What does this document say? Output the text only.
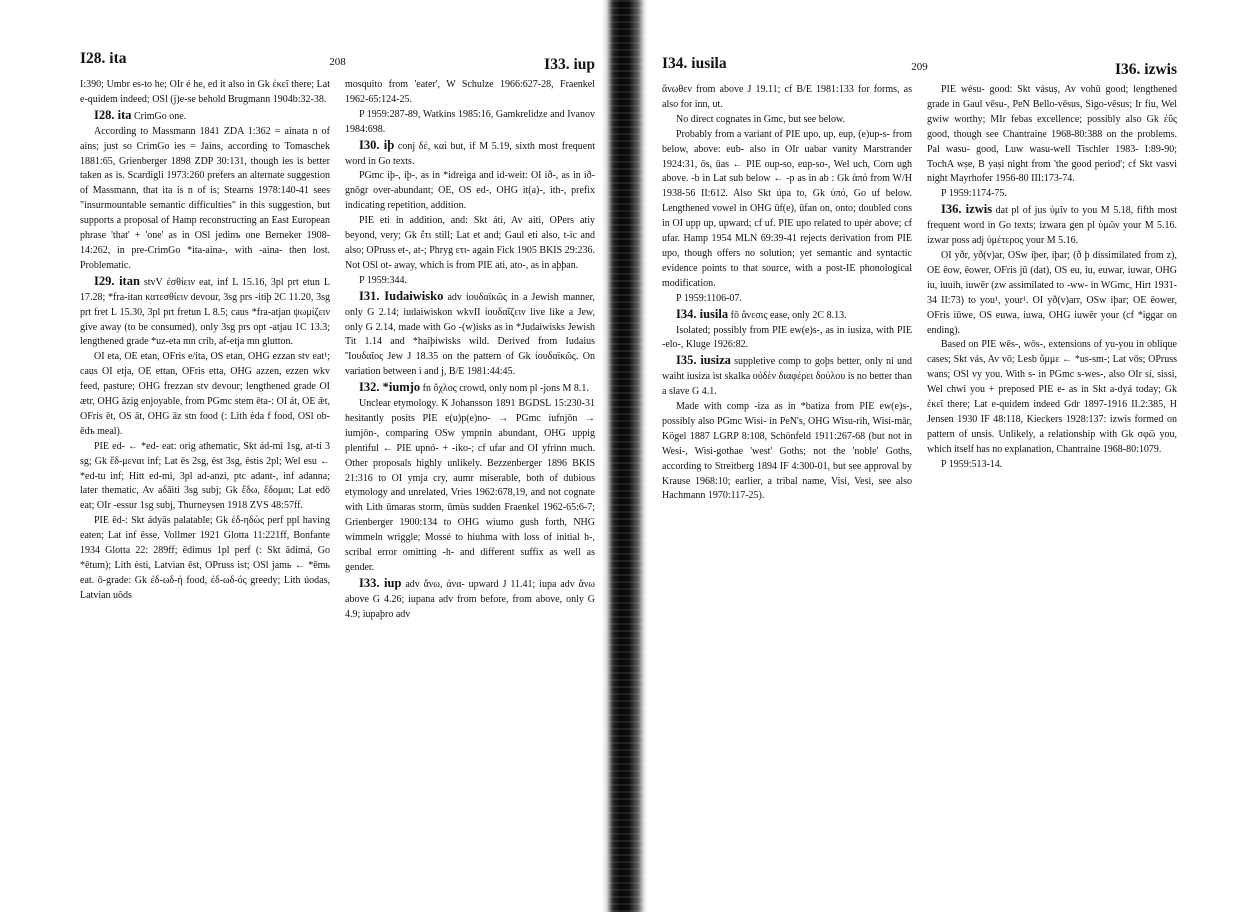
I28. ita	208	I33. iup

I:390; Umbr es-to he; OIr é he, ed it also in Gk ἐκεῖ there; Lat e-quidem indeed; OSl (j)e-se behold Brugmann 1904b:32-38.

I28. ita CrimGo one.

According to Massmann 1841 ZDA 1:362 = ainata n of ains; just so CrimGo ies = Jains, according to Tomaschek 1881:65, Grienberger 1898 ZDP 30:131, though ies is better taken as is. Scardigli 1973:260 prefers an alternate suggestion of Massmann, that ita is n of is; Stearns 1978:140-41 sees "insurmountable semantic difficulties" in this suggestion, but supports a proposal of Hamp reconstructing an East European phrase 'that' + 'one' as in OSl jedinъ one Berneker 1908-14:262, in pre-CrimGo *ita-aina-, with -aina- then lost. Problematic.

I29. itan stvV ἐσθίειν eat, inf L 15.16, 3pl prt etun L 17.28; *fra-itan κατεσθίειν devour, 3sg prs -itiþ 2C 11.20, 3sg prt fret L 15.30, 3pl prt fretun L 8.5; caus *fra-atjan ψωμίζειν give away (to be consumed), only 3sg prs opt -atjau 1C 13.3; lengthened grade *uz-eta mn crib, af-etja mn glutton.

OI eta, OE etan, OFris e/ita, OS etan, OHG ezzan stv eat¹; caus OI etja, OE ettan, OFris etta, OHG azzen, ezzen wkv feed, pasture; OHG frezzan stv devour; lengthened grade OI ætr, OHG āzig enjoyable, from PGmc stem ēta-: OI át, OE ǣt, OFris ēt, OS āt, OHG āz stn food (: Lith ėda f food, OSl ob-ědъ meal).

PIE ed- ← *ed- eat: orig athematic, Skt ád-mi 1sg, at-ti 3 sg; Gk ἔδ-μεναι inf; Lat ēs 2sg, ēst 3sg, ēstis 2pl; Wel esu ← *ed-tu inf; Hitt ed-mi, 3pl ad-anzi, ptc adant-, inf adanna; later thematic, Av aδāiti 3sg subj; Gk ἔδω, ἔδομαι; Lat edō eat; OIr -essur 1sg subj, Thurneysen 1918 ZVS 48:57ff.

PIE ēd-: Skt ádyās palatable; Gk ἐδ-ηδώς perf ppl having eaten; Lat inf ēsse, Vollmer 1921 Glotta 11:221ff, Bonfante 1934 Glotta 22: 289ff; ēdimus 1pl perf (: Skt ādimá, Go *ētum); Lith ėsti, Latvian ēst, OPruss ist; OSl jamь ← *ēmь eat. ō-grade: Gk ἐδ-ωδ-ή food, ἐδ-ωδ-ός greedy; Lith úodas, Latvian uôds

mosquito from 'eater', W Schulze 1966:627-28, Fraenkel 1962-65:124-25.

P 1959:287-89, Watkins 1985:16, Gamkrelidze and Ivanov 1984:698.

I30. iþ conj δέ, καί but, if M 5.19, sixth most frequent word in Go texts.

PGmc iþ-, iþ-, as in *idreiga and id-weit: OI ið-, as in ið-gnōgr over-abundant; OE, OS ed-, OHG it(a)-, ith-, prefix indicating repetition, addition.

PIE eti in addition, and: Skt áti, Av aiti, OPers atiy beyond, very; Gk ἔτι still; Lat et and; Gaul eti also, t-ic and also; OPruss et-, at-; Phryg ετι- again Fick 1905 BKIS 29:236. Not OSl ot- away, which is from PIE ati, ato-, as in aþþan.

P 1959:344.

I31. Iudaiwisko adv ἰουδαϊκῶς in a Jewish manner, only G 2.14; iudaiwiskon wkvII ἰουδαΐζειν live like a Jew, only G 2.14, made with Go -(w)isks as in *Judaiwisks Jewish Tit 1.14 and *haiþiwisks wild. Derived from Iudaius 'Ἰουδαῖος Jew J 18.35 on the pattern of Gk ἰουδαϊκῶς. On variation between i and j, B/E 1981:44:45.

I32. *iumjo fn ὄχλος crowd, only nom pl -jons M 8.1.

Unclear etymology. K Johansson 1891 BGDSL 15:230-31 hesitantly posits PIE e(u)p(e)no- → PGmc iufnjōn → iumjōn-, comparing OSw ympnin abundant, OHG uppig plentiful ← PIE upnó- + -iko-; cf ufar and OI yfrinn much. Other proposals highly unlikely. Bezzenberger 1896 BKIS 21:316 to OI ymja cry, aumr miserable, both of dubious etymology and unrelated, Vries 1962:678,19, and not cognate with Lith ūmaras storm, ūmùs sudden Fraenkel 1962-65:6-7; Grienberger 1900:134 to OHG wiumo gush forth, NHG wimmeln wriggle; Mossé to hiuhma with loss of initial h-, scribal error omitting -h- and different suffix as well as gender.

I33. iup adv ἄνω, ἀνα- upward J 11.41; iupa adv ἄνω above G 4.26; iupana adv from before, from above, only G 4.9; iupaþro adv

I34. iusila	209	I36. izwis

ἄνωθεν from above J 19.11; cf B/E 1981:133 for forms, as also for inn, ut.

No direct cognates in Gmc, but see below.

Probably from a variant of PIE upo, up, eup, (e)up-s- from below, above: eub- also in OIr uabar vanity Marstrander 1924:31, ōs, ūas ← PIE oup-so, eup-so-, Wel uch, Corn ugh above. -b in Lat sub below ← -p as in ab : Gk ἀπό from W/H 1938-56 II:612. Also Skt úpa to, Gk ὑπό, Go uf below. Lengthened vowel in OHG ūf(e), ūfan on, onto; doubled cons in OI upp up, upward; cf uf. PIE upo related to upér above; cf ufar. Hamp 1954 MLN 69:39-41 rejects derivation from PIE upo, though offers no solution; yet semantic and syntactic evidence points to that source, with a post-IE phonological modification.

P 1959:1106-07.

I34. iusila fō ἄνεσις ease, only 2C 8.13.

Isolated; possibly from PIE ew(e)s-, as in iusiza, with PIE -elo-, Kluge 1926:82.

I35. iusiza suppletive comp to goþs better, only ni und waiht iusiza ist skalka οὐδὲν διαφέρει δούλου is no better than a slave G 4.1.

Made with comp -iza as in *batiza from PIE ew(e)s-, possibly also PGmc Wisi- in PeN's, OHG Wisu-rih, Wisi-mār, Kögel 1887 LGRP 8:108, Schönfeld 1911:267-68 (but not in Wesi-, Wisi-gothae 'west' Goths; not the 'noble' Goths, according to Streitberg 1894 IF 4:300-01, but see approval by Krause 1968:10; earlier, a tribal name, Visi, Vesi, see also Hachmann 1970:117-25).

PIE wésu- good: Skt vásuṣ, Av vohū good; lengthened grade in Gaul vēsu-, PeN Bello-vēsus, Sigo-vēsus; Ir fiu, Wel gwiw worthy; MIr febas excellence; possibly also Gk ἐΰς good, though see Chantraine 1968-80:388 on the problems. Pal wasu- good, Luw wasu-well Tischler 1983- I:89-90; TochA wṣe, B yaṣi night from 'the good period'; cf Skt vasvi night Mayrhofer 1956-80 III:173-74.

P 1959:1174-75.

I36. izwis dat pl of jus ὑμῖν to you M 5.18, fifth most frequent word in Go texts; izwara gen pl ὑμῶν your M 5.16. izwar poss adj ὑμέτερος your M 5.16.

OI yðr, yð(v)ar, OSw iþer, iþar; (ð þ dissimilated from z), OE ēow, ēower, OFris jū (dat), OS eu, iu, euwar, iuwar, OHG iu, iuuih, iuwēr (zw assimilated to -ww- in WGmc, Hirt 1931-34 II:73) to you¹, your¹. OI yð(v)arr, OSw iþar; OE ēower, OFris iūwe, OS euwa, iuwa, OHG iuwēr your (cf *iggar on ending).

Based on PIE wēs-, wōs-, extensions of yu-you in oblique cases; Skt vás, Av vō; Lesb ὔμμε ← *us-sm-; Lat vōs; OPruss wans; OSl vy you. With s- in PGmc s-wes-, also OIr sí, sissi, Wel chwi you + preposed PIE e- as in Skt a-dyá today; Gk ἐκεῖ there; Lat e-quidem indeed Gdr 1897-1916 II.2:385, H Jensen 1930 IF 48:118, Kieckers 1928:137: izwis formed on pattern of unsis. Unlikely, a relationship with Gk σφῶ you, which itself has no explanation, Chantraine 1968-80:1079.

P 1959:513-14.
